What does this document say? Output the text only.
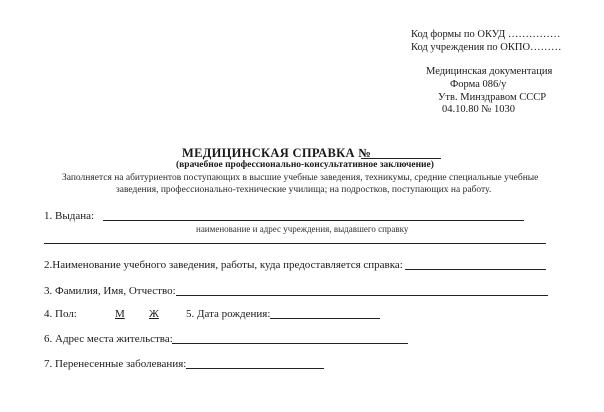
Код формы по ОКУД ……………
Код учреждения по ОКПО………
Медицинская документация
Форма 086/у
Утв. Минздравом СССР
04.10.80 № 1030
МЕДИЦИНСКАЯ СПРАВКА №
(врачебное профессионально-консультативное заключение)
Заполняется на абитуриентов поступающих в высшие учебные заведения, техникумы, средние специальные учебные
заведения, профессионально-технические училища; на подростков, поступающих на работу.
1. Выдана:
наименование и адрес учреждения, выдавшего справку
2.Наименование учебного заведения, работы, куда предоставляется справка:
3. Фамилия, Имя, Отчество:
4. Пол:	М Ж 5. Дата рождения:
6. Адрес места жительства:
7. Перенесенные заболевания:
